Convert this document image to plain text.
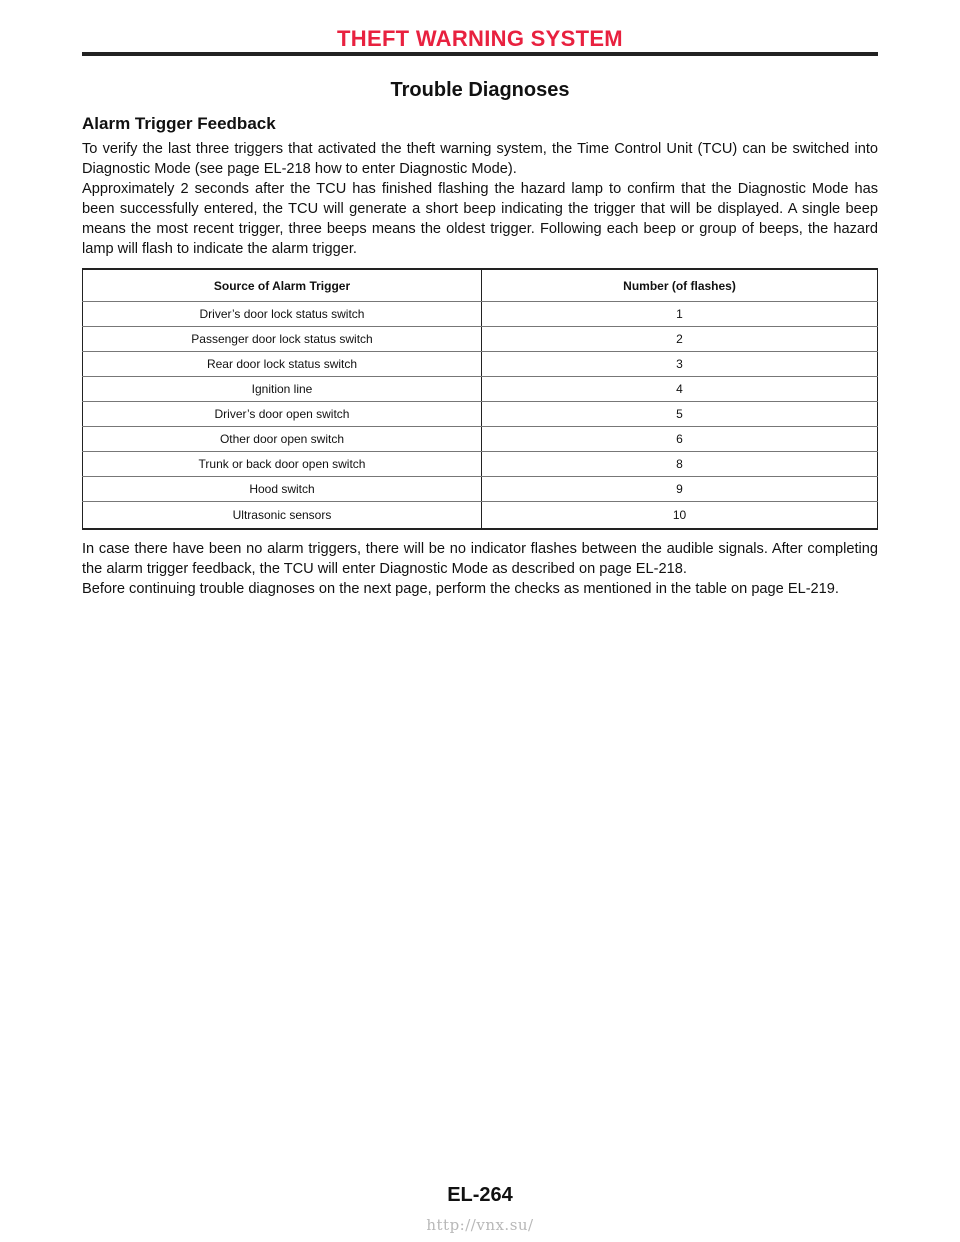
THEFT WARNING SYSTEM
Trouble Diagnoses
Alarm Trigger Feedback

To verify the last three triggers that activated the theft warning system, the Time Control Unit (TCU) can be switched into Diagnostic Mode (see page EL-218 how to enter Diagnostic Mode).

Approximately 2 seconds after the TCU has finished flashing the hazard lamp to confirm that the Diagnostic Mode has been successfully entered, the TCU will generate a short beep indicating the trigger that will be displayed. A single beep means the most recent trigger, three beeps means the oldest trigger. Following each beep or group of beeps, the hazard lamp will flash to indicate the alarm trigger.

Source of Alarm Trigger	Number (of flashes)
Driver’s door lock status switch	1
Passenger door lock status switch	2
Rear door lock status switch	3
Ignition line	4
Driver’s door open switch	5
Other door open switch	6
Trunk or back door open switch	8
Hood switch	9
Ultrasonic sensors	10

In case there have been no alarm triggers, there will be no indicator flashes between the audible signals. After completing the alarm trigger feedback, the TCU will enter Diagnostic Mode as described on page EL-218.

Before continuing trouble diagnoses on the next page, perform the checks as mentioned in the table on page EL-219.

EL-264
http://vnx.su/
